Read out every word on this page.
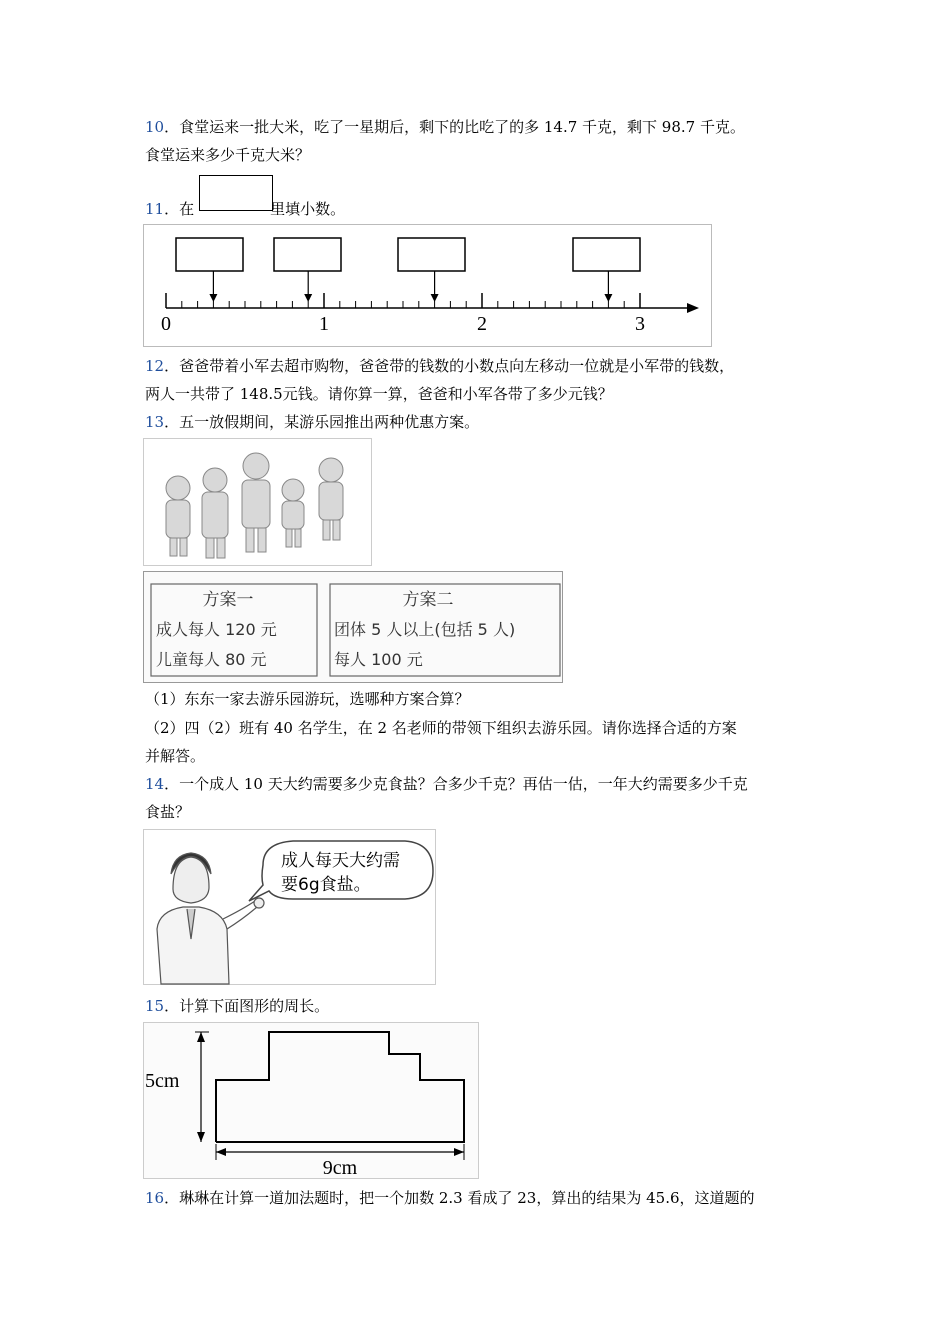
10．食堂运来一批大米，吃了一星期后，剩下的比吃了的多 14.7 千克，剩下 98.7 千克。
食堂运来多少千克大米？
11．在	里填小数。
0	1	2	3
12．爸爸带着小军去超市购物，爸爸带的钱数的小数点向左移动一位就是小军带的钱数，
两人一共带了 148.5元钱。请你算一算，爸爸和小军各带了多少元钱？
13．五一放假期间，某游乐园推出两种优惠方案。
方案一
成人每人 120 元
儿童每人 80 元
方案二
团体 5 人以上(包括 5 人)
每人 100 元
（1）东东一家去游乐园游玩，选哪种方案合算？
（2）四（2）班有 40 名学生，在 2 名老师的带领下组织去游乐园。请你选择合适的方案
并解答。
14．一个成人 10 天大约需要多少克食盐？合多少千克？再估一估，一年大约需要多少千克
食盐？
成人每天大约需
要6g食盐。
15．计算下面图形的周长。
5cm
9cm
16．琳琳在计算一道加法题时，把一个加数 2.3 看成了 23，算出的结果为 45.6，这道题的
